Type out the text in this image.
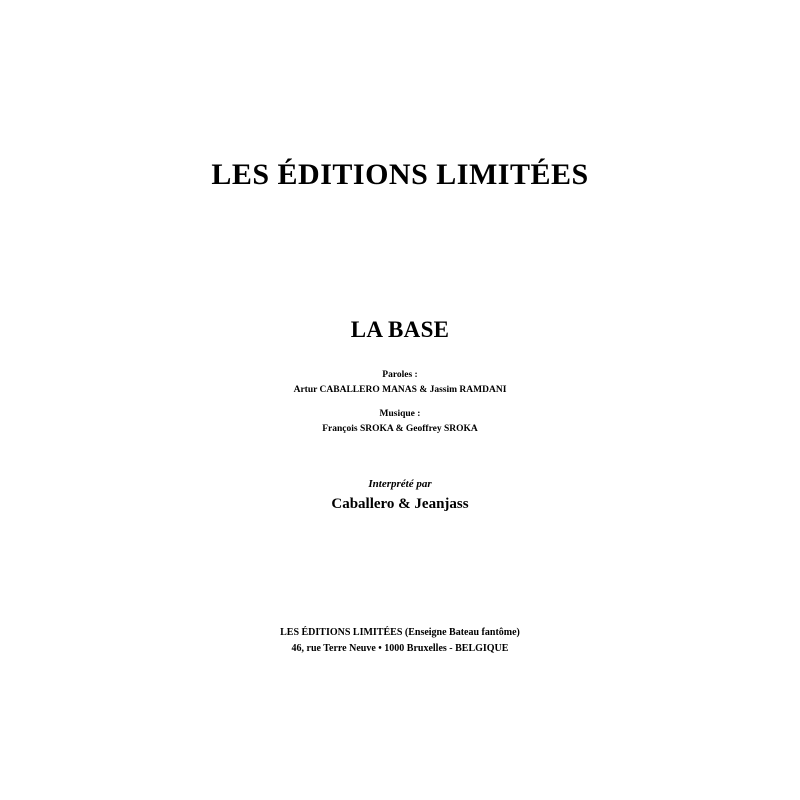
LES ÉDITIONS LIMITÉES
LA BASE
Paroles :
Artur CABALLERO MANAS & Jassim RAMDANI
Musique :
François SROKA & Geoffrey SROKA
Interprété par
Caballero & Jeanjass
LES ÉDITIONS LIMITÉES (Enseigne Bateau fantôme)
46, rue Terre Neuve • 1000 Bruxelles - BELGIQUE
